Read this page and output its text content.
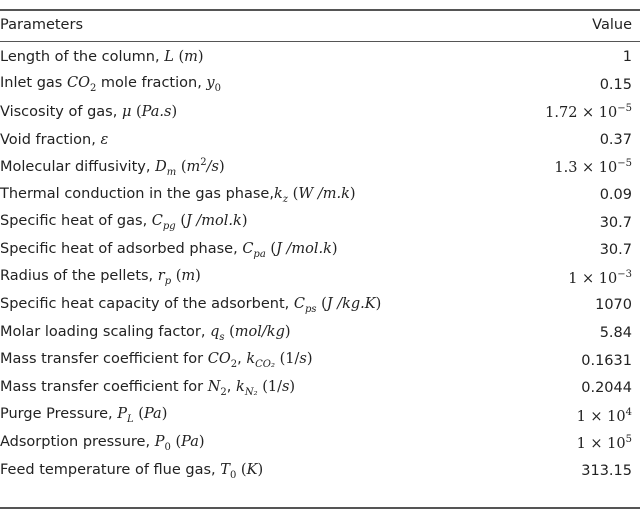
Parameters	Value
Length of the column, L (m)	1
Inlet gas $CO_2$ mole fraction, $y_0$	0.15
Viscosity of gas, μ (Pa.s)	$1.72 \times 10^{-5}$
Void fraction, ε	0.37
Molecular diffusivity, $D_m$ $(m^2/s)$	$1.3 \times 10^{-5}$
Thermal conduction in the gas $phase,k_z$ (W /m.k)	0.09
Specific heat of gas, $C_{pg}$ (J /mol.k)	30.7
Specific heat of adsorbed phase, $C_{pa}$ (J /mol.k)	30.7
Radius of the pellets, $r_p$ (m)	$1 \times 10^{-3}$
Specific heat capacity of the adsorbent, $C_{ps}$ (J /kg.K)	1070
Molar loading scaling factor, $q_s$ (mol/kg)	5.84
Mass transfer coefficient for $CO_2$, $k_{CO_2}$ (1/s)	0.1631
Mass transfer coefficient for $N_2$, $k_{N_2}$ (1/s)	0.2044
Purge Pressure, $P_L$ (Pa)	$1 \times 10^4$
Adsorption pressure, $P_0$ (Pa)	$1 \times 10^5$
Feed temperature of flue gas, $T_0$ (K)	313.15
